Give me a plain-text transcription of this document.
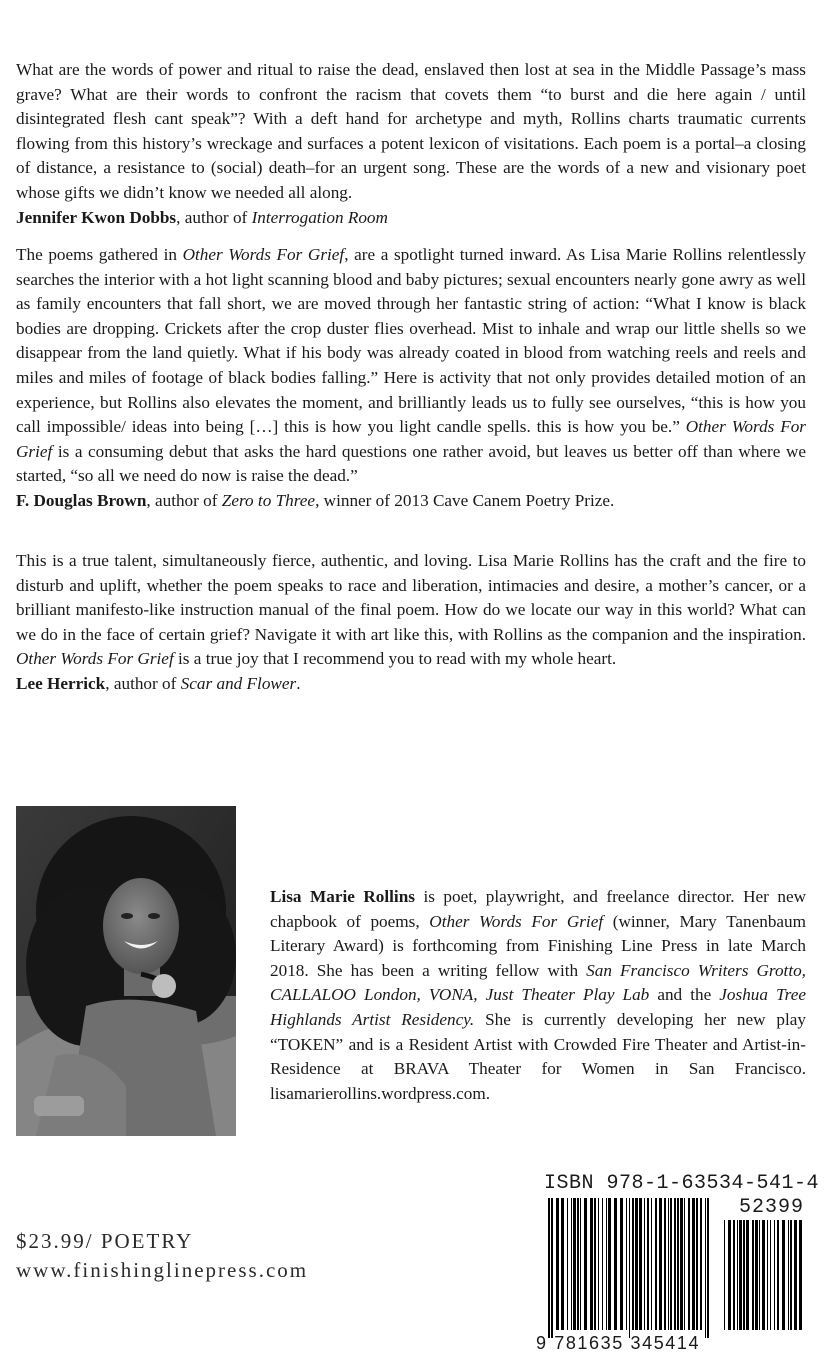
What are the words of power and ritual to raise the dead, enslaved then lost at sea in the Middle Passage’s mass grave? What are their words to confront the racism that covets them “to burst and die here again / until disintegrated flesh cant speak”? With a deft hand for archetype and myth, Rollins charts traumatic currents flowing from this history’s wreckage and surfaces a potent lexicon of visitations. Each poem is a portal–a closing of distance, a resistance to (social) death–for an urgent song. These are the words of a new and visionary poet whose gifts we didn’t know we needed all along.

Jennifer Kwon Dobbs, author of Interrogation Room

The poems gathered in Other Words For Grief, are a spotlight turned inward. As Lisa Marie Rollins relentlessly searches the interior with a hot light scanning blood and baby pictures; sexual encounters nearly gone awry as well as family encounters that fall short, we are moved through her fantastic string of action: “What I know is black bodies are dropping. Crickets after the crop duster flies overhead. Mist to inhale and wrap our little shells so we disappear from the land quietly. What if his body was already coated in blood from watching reels and reels and miles and miles of footage of black bodies falling.” Here is activity that not only provides detailed motion of an experience, but Rollins also elevates the moment, and brilliantly leads us to fully see ourselves, “this is how you call impossible/ ideas into being […] this is how you light candle spells. this is how you be.” Other Words For Grief is a consuming debut that asks the hard questions one rather avoid, but leaves us better off than where we started, “so all we need do now is raise the dead.”

F. Douglas Brown, author of Zero to Three, winner of 2013 Cave Canem Poetry Prize.

This is a true talent, simultaneously fierce, authentic, and loving. Lisa Marie Rollins has the craft and the fire to disturb and uplift, whether the poem speaks to race and liberation, intimacies and desire, a mother’s cancer, or a brilliant manifesto-like instruction manual of the final poem. How do we locate our way in this world? What can we do in the face of certain grief? Navigate it with art like this, with Rollins as the companion and the inspiration. Other Words For Grief is a true joy that I recommend you to read with my whole heart.

Lee Herrick, author of Scar and Flower.

Lisa Marie Rollins is poet, playwright, and freelance director. Her new chapbook of poems, Other Words For Grief (winner, Mary Tanenbaum Literary Award) is forthcoming from Finishing Line Press in late March 2018. She has been a writing fellow with San Francisco Writers Grotto, CALLALOO London, VONA, Just Theater Play Lab and the Joshua Tree Highlands Artist Residency. She is currently developing her new play “TOKEN” and is a Resident Artist with Crowded Fire Theater and Artist-in-Residence at BRAVA Theater for Women in San Francisco. lisamarierollins.wordpress.com.

$23.99/ POETRY
www.finishinglinepress.com
ISBN 978-1-63534-541-4
52399
9 781635 345414
